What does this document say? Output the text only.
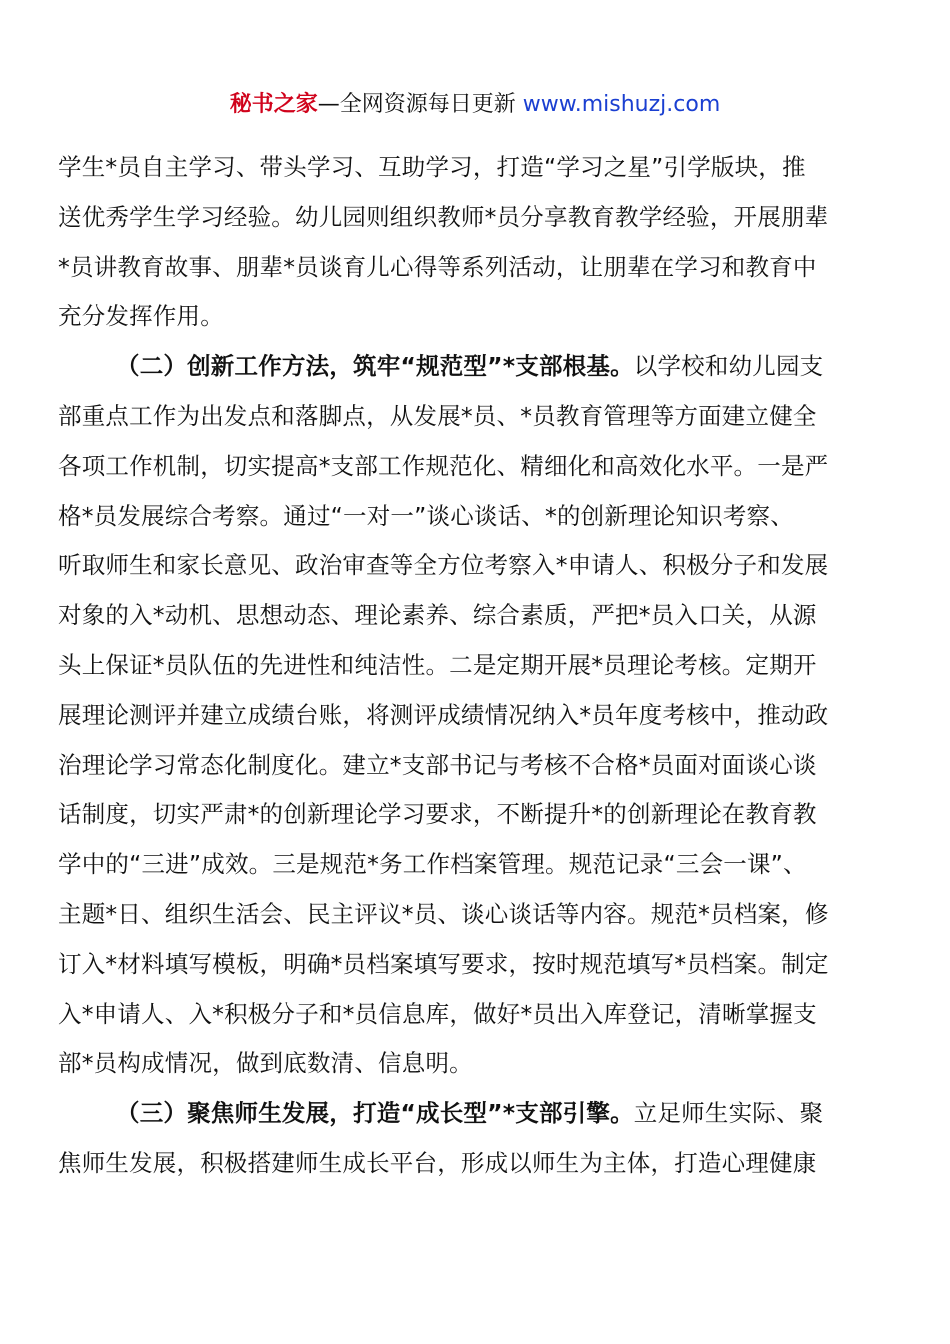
秘书之家—全网资源每日更新 www.mishuzj.com
学生*员自主学习、带头学习、互助学习，打造“学习之星”引学版块，推
送优秀学生学习经验。幼儿园则组织教师*员分享教育教学经验，开展朋辈
*员讲教育故事、朋辈*员谈育儿心得等系列活动，让朋辈在学习和教育中
充分发挥作用。
（二）创新工作方法，筑牢“规范型”*支部根基。以学校和幼儿园支
部重点工作为出发点和落脚点，从发展*员、*员教育管理等方面建立健全
各项工作机制，切实提高*支部工作规范化、精细化和高效化水平。一是严
格*员发展综合考察。通过“一对一”谈心谈话、*的创新理论知识考察、
听取师生和家长意见、政治审查等全方位考察入*申请人、积极分子和发展
对象的入*动机、思想动态、理论素养、综合素质，严把*员入口关，从源
头上保证*员队伍的先进性和纯洁性。二是定期开展*员理论考核。定期开
展理论测评并建立成绩台账，将测评成绩情况纳入*员年度考核中，推动政
治理论学习常态化制度化。建立*支部书记与考核不合格*员面对面谈心谈
话制度，切实严肃*的创新理论学习要求，不断提升*的创新理论在教育教
学中的“三进”成效。三是规范*务工作档案管理。规范记录“三会一课”、
主题*日、组织生活会、民主评议*员、谈心谈话等内容。规范*员档案，修
订入*材料填写模板，明确*员档案填写要求，按时规范填写*员档案。制定
入*申请人、入*积极分子和*员信息库，做好*员出入库登记，清晰掌握支
部*员构成情况，做到底数清、信息明。
（三）聚焦师生发展，打造“成长型”*支部引擎。立足师生实际、聚
焦师生发展，积极搭建师生成长平台，形成以师生为主体，打造心理健康
